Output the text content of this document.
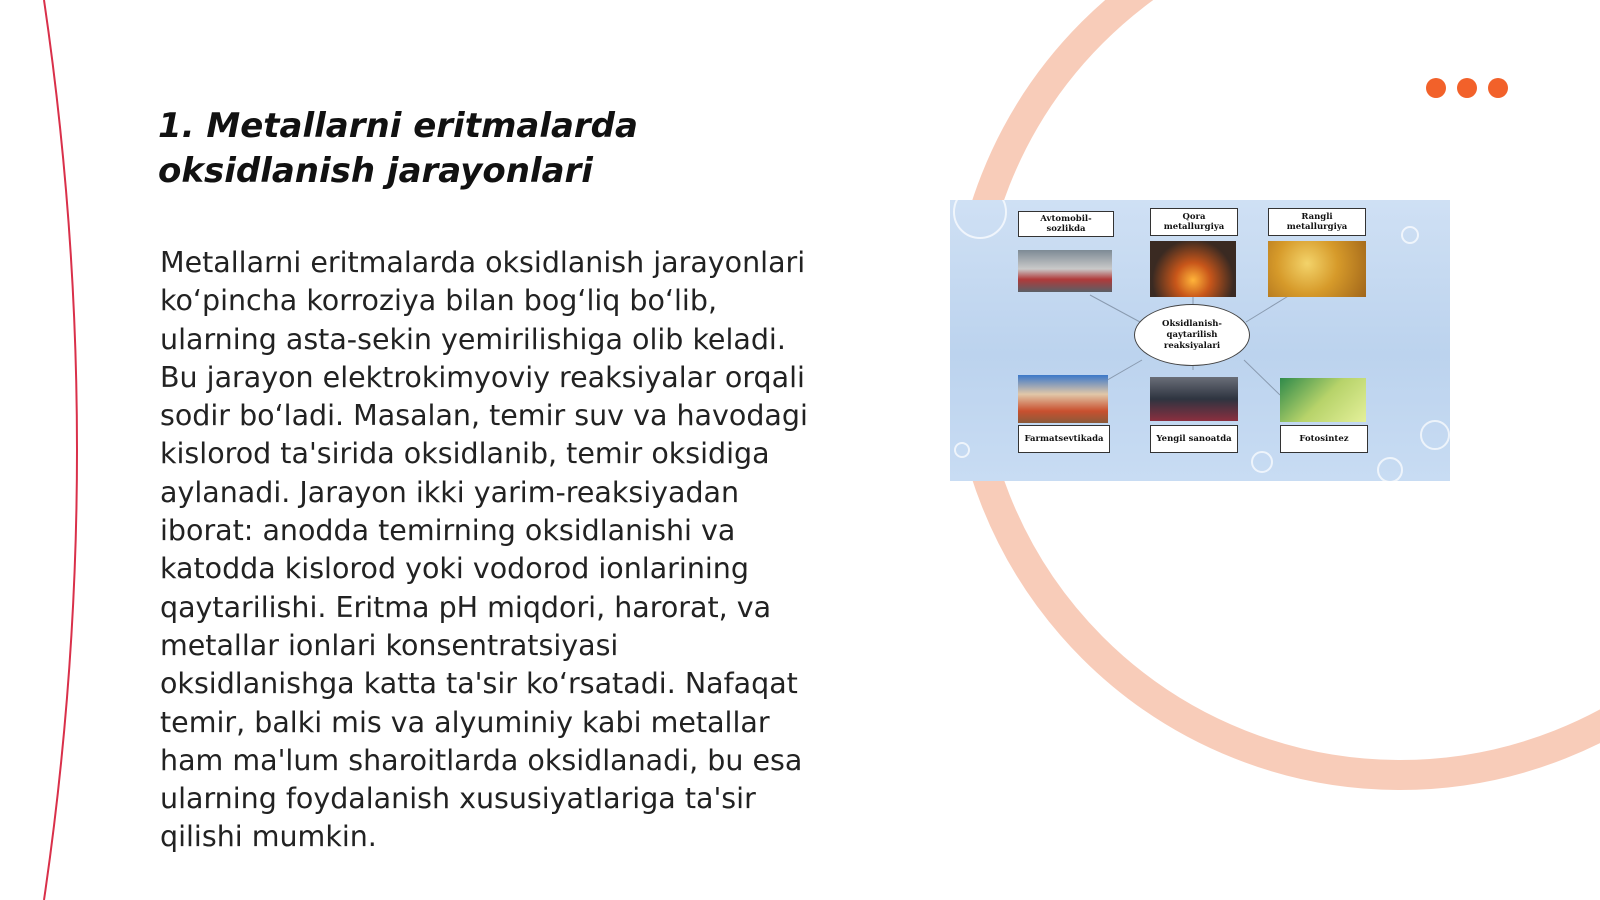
1. Metallarni eritmalarda oksidlanish jarayonlari

Metallarni eritmalarda oksidlanish jarayonlari ko‘pincha korroziya bilan bog‘liq bo‘lib, ularning asta-sekin yemirilishiga olib keladi. Bu jarayon elektrokimyoviy reaksiyalar orqali sodir bo‘ladi. Masalan, temir suv va havodagi kislorod ta'sirida oksidlanib, temir oksidiga aylanadi. Jarayon ikki yarim-reaksiyadan iborat: anodda temirning oksidlanishi va katodda kislorod yoki vodorod ionlarining qaytarilishi. Eritma pH miqdori, harorat, va metallar ionlari konsentratsiyasi oksidlanishga katta ta'sir ko‘rsatadi. Nafaqat temir, balki mis va alyuminiy kabi metallar ham ma'lum sharoitlarda oksidlanadi, bu esa ularning foydalanish xususiyatlariga ta'sir qilishi mumkin.

Avtomobil-sozlikda
Qora metallurgiya
Rangli metallurgiya
Oksidlanish-qaytarilish reaksiyalari
Farmatsevtikada	Yengil sanoatda	Fotosintez
